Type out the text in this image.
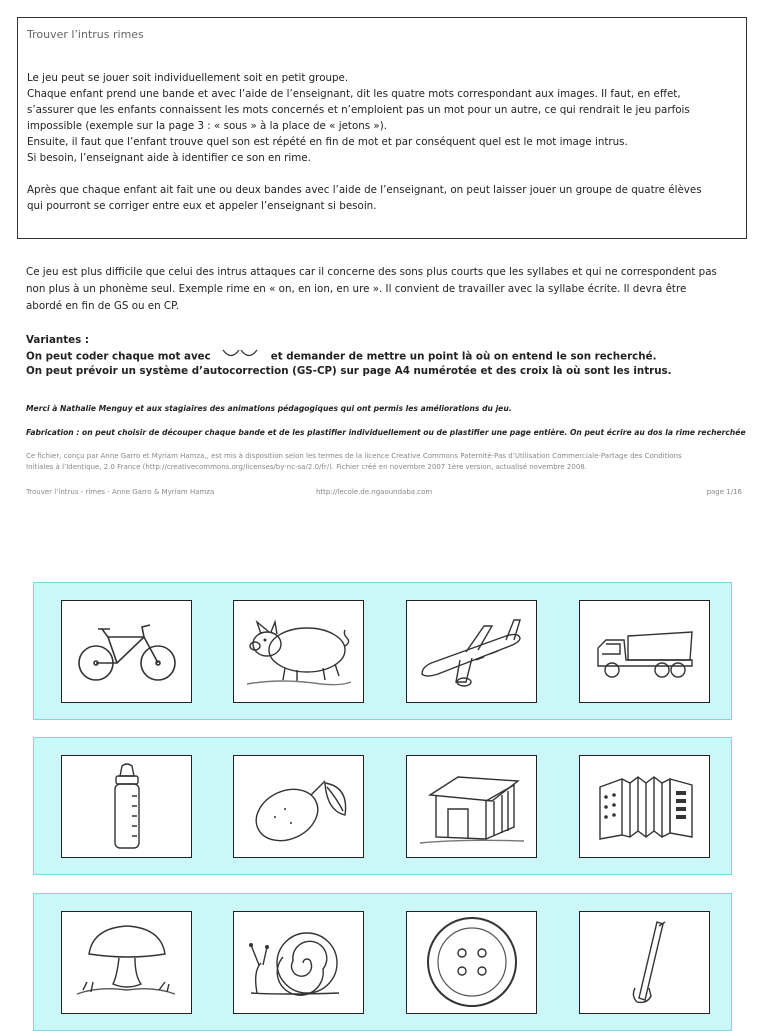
Trouver l’intrus rimes

Le jeu peut se jouer soit individuellement soit en petit groupe.

Chaque enfant prend une bande et avec l’aide de l’enseignant, dit les quatre mots correspondant aux images. Il faut, en effet,

s’assurer que les enfants connaissent les mots concernés et n’emploient pas un mot pour un autre, ce qui rendrait le jeu parfois

impossible (exemple sur la page 3 : « sous » à la place de « jetons »).

Ensuite, il faut que l’enfant trouve quel son est répété en fin de mot et par conséquent quel est le mot image intrus.

Si besoin, l’enseignant aide à identifier ce son en rime.

Après que chaque enfant ait fait une ou deux bandes avec l’aide de l’enseignant, on peut laisser jouer un groupe de quatre élèves

qui pourront se corriger entre eux et appeler l’enseignant si besoin.

Ce jeu est plus difficile que celui des intrus attaques car il concerne des sons plus courts que les syllabes et qui ne correspondent pas

non plus à un phonème seul. Exemple rime en « on, en ion, en ure ». Il convient de travailler avec la syllabe écrite. Il devra être

abordé en fin de GS ou en CP.

Variantes :

On peut coder chaque mot avec	et demander de mettre un point là où on entend le son recherché.

On peut prévoir un système d’autocorrection (GS-CP) sur page A4 numérotée et des croix là où sont les intrus.

Merci à Nathalie Menguy et aux stagiaires des animations pédagogiques qui ont permis les améliorations du jeu.

Fabrication : on peut choisir de découper chaque bande et de les plastifier individuellement ou de plastifier une page entière. On peut écrire au dos la rime recherchée

Ce fichier, conçu par Anne Garro et Myriam Hamza,, est mis à disposition selon les termes de la licence Creative Commons Paternité-Pas d’Utilisation Commerciale-Partage des Conditions

Initiales à l’Identique, 2.0 France (http://creativecommons.org/licenses/by-nc-sa/2.0/fr/). Fichier créé en novembre 2007 1ère version, actualisé novembre 2008.

Trouver l’intrus - rimes - Anne Garro & Myriam Hamza	http://lecole.de.ngaoundaba.com	page 1/16
